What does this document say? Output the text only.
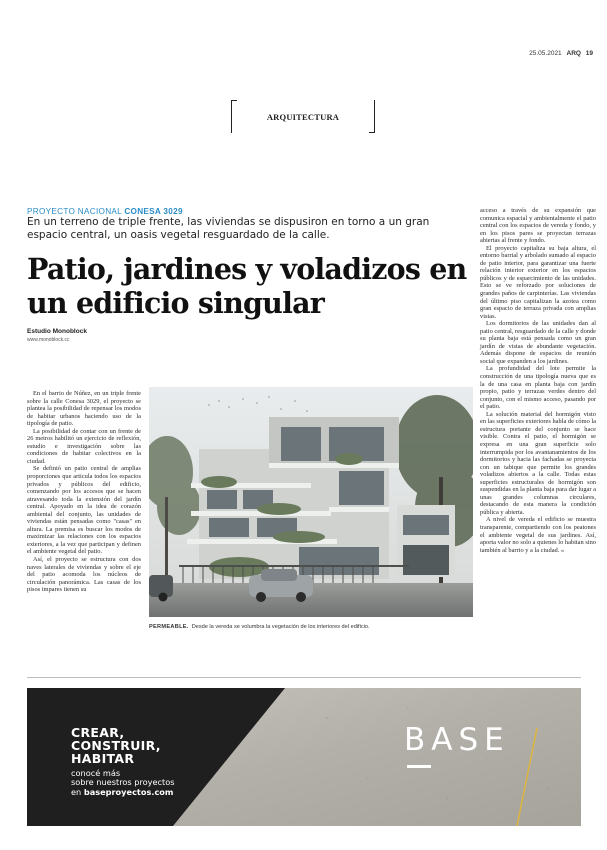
25.05.2021 ARQ 19
ARQUITECTURA
PROYECTO NACIONAL CONESA 3029
En un terreno de triple frente, las viviendas se dispusiron en torno a un gran espacio central, un oasis vegetal resguardado de la calle.
Patio, jardines y voladizos en un edificio singular
Estudio Monoblock
www.monoblock.cc

En el barrio de Núñez, en un triple frente sobre la calle Conesa 3029, el proyecto se plantea la posibilidad de repensar los modos de habitar urbanos haciendo uso de la tipología de patio.

La posibilidad de contar con un frente de 26 metros habilitó un ejercicio de reflexión, estudio e investigación sobre las condiciones de habitar colectivos en la ciudad.

Se definió un patio central de amplias proporciones que articula todos los espacios privados y públicos del edificio, comenzando por los accesos que se hacen atravesando toda la extensión del jardín central. Apoyado en la idea de corazón ambiental del conjunto, las unidades de viviendas están pensadas como "casas" en altura. La premisa es buscar los modos de maximizar las relaciones con los espacios exteriores, a la vez que participan y definen el ambiente vegetal del patio.

Así, el proyecto se estructura con dos naves laterales de viviendas y sobre el eje del patio acomoda los núcleos de circulación panorámica. Las casas de los pisos impares tienen su

acceso a través de su expansión que comunica espacial y ambientalmente el patio central con los espacios de vereda y fondo, y en los pisos pares se proyectan terrazas abiertas al frente y fondo.

El proyecto capitaliza su baja altura, el entorno barrial y arbolado sumado al espacio de patio interior, para garantizar una fuerte relación interior exterior en los espacios públicos y de esparcimiento de las unidades. Esto se ve reforzado por soluciones de grandes paños de carpinterías. Las viviendas del último piso capitalizan la azotea como gran espacio de terraza privada con amplias vistas.

Los dormitorios de las unidades dan al patio central, resguardado de la calle y donde su planta baja está pensada como un gran jardín de vistas de abundante vegetación. Además dispone de espacios de reunión social que expanden a los jardines.

La profundidad del lote permite la construcción de una tipología nueva que es la de una casa en planta baja con jardín propio, patio y terrazas verdes dentro del conjunto, con el mismo acceso, pasando por el patio.

La solución material del hormigón visto en las superficies exteriores habla de cómo la estructura portante del conjunto se hace visible. Contra el patio, el hormigón se expresa en una gran superficie solo interrumpida por los avantanamientos de los dormitorios y hacia las fachadas se proyecta con un tabique que permite los grandes voladizos abiertos a la calle. Todas estas superficies estructurales de hormigón son suspendidas en la planta baja para dar lugar a unas grandes columnas circulares, destacando de esta manera la condición pública y abierta.

A nivel de vereda el edificio se muestra transparente, compartiendo con los peatones el ambiente vegetal de sus jardines. Así, aporta valor no solo a quienes lo habitan sino también al barrio y a la ciudad. «

PERMEABLE. Desde la vereda se volumbra la vegetación de los interiores del edificio.
CREAR,
CONSTRUIR,
HABITAR
conocé más
sobre nuestros proyectos
en baseproyectos.com
BASE
